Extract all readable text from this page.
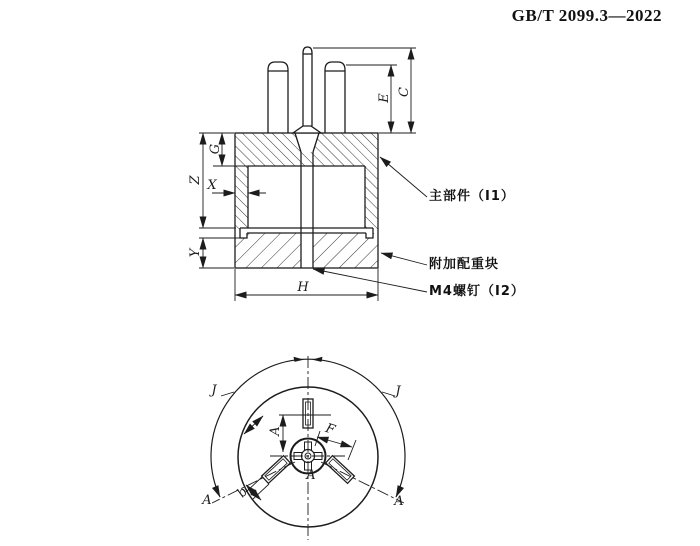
GB/T 2099.3—2022
E
C
G
Z X
Y
H
主部件（I1）
附加配重块
M4螺钉（I2）
J	J
A	A
A
A	F
b
